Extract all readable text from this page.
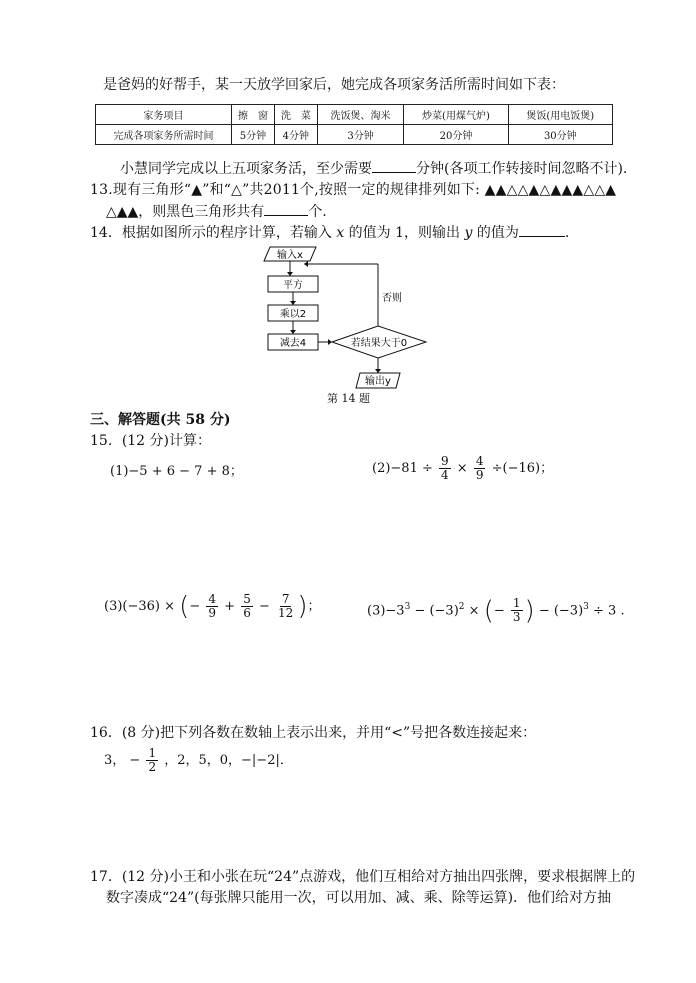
是爸妈的好帮手，某一天放学回家后，她完成各项家务活所需时间如下表：
家务项目	擦　窗	洗　菜	洗饭煲、淘米	炒菜(用煤气炉)	煲饭(用电饭煲)
完成各项家务所需时间	5分钟	4分钟	3分钟	20分钟	30分钟
小慧同学完成以上五项家务活，至少需要	分钟(各项工作转接时间忽略不计).
13.现有三角形“▲”和“△”共2011个,按照一定的规律排列如下: ▲▲△△▲△▲▲▲△△▲
△▲▲，则黑色三角形共有	个.
14．根据如图所示的程序计算，若输入 x 的值为 1，则输出 y 的值为	.
输入x
平方
乘以2
减去4	若结果大于0
否则
输出y
第 14 题
三、解答题(共 58 分)
15．(12 分)计算：
(1)−5 + 6 − 7 + 8；	$(2)-81 \div \frac{9}{4} \times \frac{4}{9} \div(-16)$；
(3)(−36) × (− $\frac{4}{9} + \frac{5}{6} - \frac{7}{12}$ )；	$(3)-3^3 - (-3)^2$ × (− $\frac{1}{3}$ ) − $(-3)^3 \div 3$ .
16．(8 分)把下列各数在数轴上表示出来，并用“<”号把各数连接起来：
3， − $\frac{1}{2}$ ，2，5，0，−|−2|．
17．(12 分)小王和小张在玩“24”点游戏，他们互相给对方抽出四张牌，要求根据牌上的
数字凑成“24”(每张牌只能用一次，可以用加、减、乘、除等运算)．他们给对方抽
